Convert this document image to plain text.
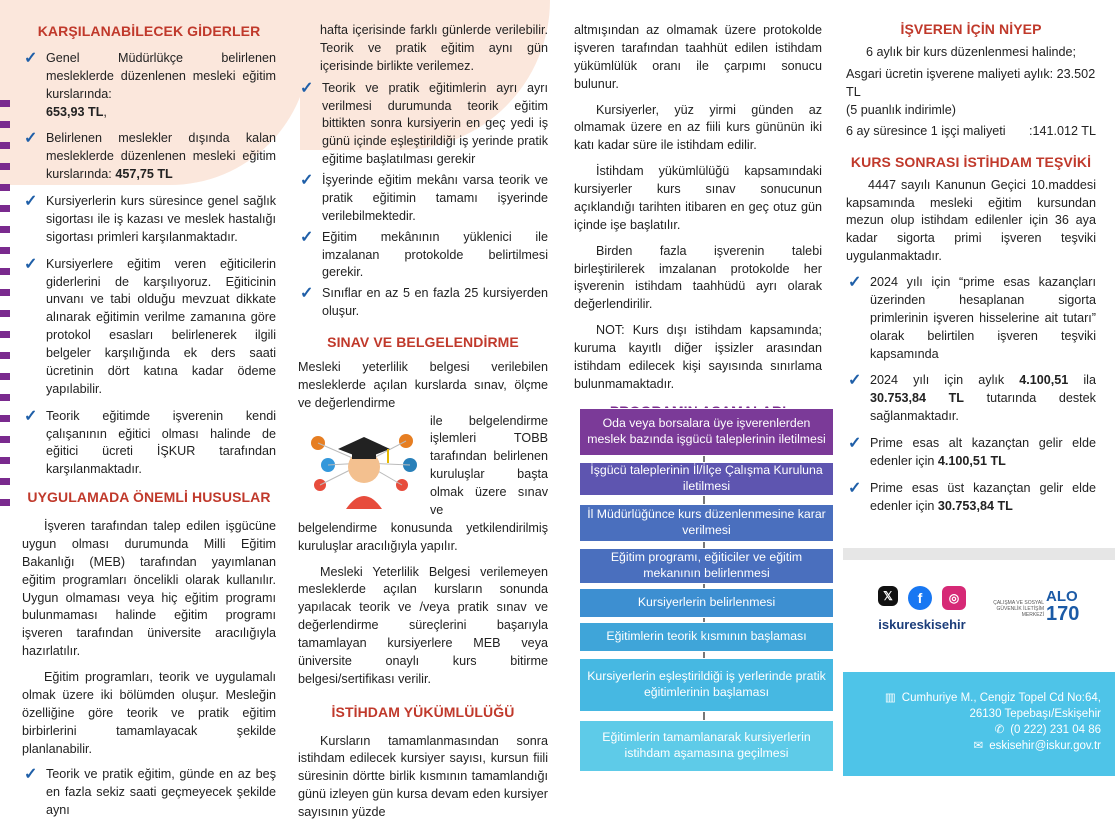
KARŞILANABİLECEK GİDERLER
✓ Genel Müdürlükçe belirlenen mesleklerde düzenlenen mesleki eğitim kurslarında:
653,93 TL,
✓ Belirlenen meslekler dışında kalan mesleklerde düzenlenen mesleki eğitim kurslarında: 457,75 TL
✓ Kursiyerlerin kurs süresince genel sağlık sigortası ile iş kazası ve meslek hastalığı sigortası primleri karşılanmaktadır.
✓ Kursiyerlere eğitim veren eğiticilerin giderlerini de karşılıyoruz. Eğiticinin unvanı ve tabi olduğu mevzuat dikkate alınarak eğitimin verilme zamanına göre protokol esasları belirlenerek ilgili belgeler karşılığında ek ders saati ücretinin dört katına kadar ödeme yapılabilir.
✓ Teorik eğitimde işverenin kendi çalışanının eğitici olması halinde de eğitici ücreti İŞKUR tarafından karşılanmaktadır.
UYGULAMADA ÖNEMLİ HUSUSLAR

İşveren tarafından talep edilen işgücüne uygun olması durumunda Milli Eğitim Bakanlığı (MEB) tarafından yayımlanan eğitim programları öncelikli olarak kullanılır. Uygun olmaması veya hiç eğitim programı bulunmaması halinde eğitim programı işveren tarafından üniversite aracılığıyla hazırlatılır.

Eğitim programları, teorik ve uygulamalı olmak üzere iki bölümden oluşur. Mesleğin özelliğine göre teorik ve pratik eğitim birbirlerini tamamlayacak şekilde planlanabilir.

✓ Teorik ve pratik eğitim, günde en az beş en fazla sekiz saati geçmeyecek şekilde aynı

hafta içerisinde farklı günlerde verilebilir. Teorik ve pratik eğitim aynı gün içerisinde birlikte verilemez.

✓ Teorik ve pratik eğitimlerin ayrı ayrı verilmesi durumunda teorik eğitim bittikten sonra kursiyerin en geç yedi iş günü içinde eşleştirildiği iş yerinde pratik eğitime başlatılması gerekir
✓ İşyerinde eğitim mekânı varsa teorik ve pratik eğitimin tamamı işyerinde verilebilmektedir.
✓ Eğitim mekânının yüklenici ile imzalanan protokolde belirtilmesi gerekir.
✓ Sınıflar en az 5 en fazla 25 kursiyerden oluşur.
SINAV VE BELGELENDİRME

Mesleki yeterlilik belgesi verilebilen mesleklerde açılan kurslarda sınav, ölçme ve değerlendirme

ile belgelendirme işlemleri TOBB tarafından belirlenen kuruluşlar başta olmak üzere sınav ve

belgelendirme konusunda yetkilendirilmiş kuruluşlar aracılığıyla yapılır.

Mesleki Yeterlilik Belgesi verilemeyen mesleklerde açılan kursların sonunda yapılacak teorik ve /veya pratik sınav ve değerlendirme süreçlerini başarıyla tamamlayan kursiyerlere MEB veya üniversite onaylı kurs bitirme belgesi/sertifikası verilir.

İSTİHDAM YÜKÜMLÜLÜĞÜ

Kursların tamamlanmasından sonra istihdam edilecek kursiyer sayısı, kursun fiili süresinin dörtte birlik kısmının tamamlandığı günü izleyen gün kursa devam eden kursiyer sayısının yüzde

altmışından az olmamak üzere protokolde işveren tarafından taahhüt edilen istihdam yükümlülük oranı ile çarpımı sonucu bulunur.

Kursiyerler, yüz yirmi günden az olmamak üzere en az fiili kurs gününün iki katı kadar süre ile istihdam edilir.

İstihdam yükümlülüğü kapsamındaki kursiyerler kurs sınav sonucunun açıklandığı tarihten itibaren en geç otuz gün içinde işe başlatılır.

Birden fazla işverenin talebi birleştirilerek imzalanan protokolde her işverenin istihdam taahhüdü ayrı olarak değerlendirilir.

NOT: Kurs dışı istihdam kapsamında; kuruma kayıtlı diğer işsizler arasından istihdam edilecek kişi sayısında sınırlama bulunmamaktadır.

Oda veya borsalara üye işverenlerden meslek bazında işgücü taleplerinin iletilmesi
İşgücü taleplerinin İl/İlçe Çalışma Kuruluna iletilmesi
İl Müdürlüğünce kurs düzenlenmesine karar verilmesi
Eğitim programı, eğiticiler ve eğitim mekanının belirlenmesi
Kursiyerlerin belirlenmesi
Eğitimlerin teorik kısmının başlaması
Kursiyerlerin eşleştirildiği iş yerlerinde pratik eğitimlerinin başlaması
Eğitimlerin tamamlanarak kursiyerlerin istihdam aşamasına geçilmesi
İŞVEREN İÇİN NİYEP
6 aylık bir kurs düzenlenmesi halinde;
Asgari ücretin işverene maliyeti aylık: 23.502 TL
(5 puanlık indirimle)
6 ay süresince 1 işçi maliyeti :141.012 TL
KURS SONRASI İSTİHDAM TEŞVİKİ

4447 sayılı Kanunun Geçici 10.maddesi kapsamında mesleki eğitim kursundan mezun olup istihdam edilenler için 36 aya kadar sigorta primi işveren teşviki uygulanmaktadır.

✓ 2024 yılı için “prime esas kazançları üzerinden hesaplanan sigorta primlerinin işveren hisselerine ait tutarı” olarak belirtilen işveren teşviki kapsamında
✓ 2024 yılı için aylık 4.100,51 ila 30.753,84 TL tutarında destek sağlanmaktadır.
✓ Prime esas alt kazançtan gelir elde edenler için 4.100,51 TL
✓ Prime esas üst kazançtan gelir elde edenler için 30.753,84 TL
𝕏	f	◎
iskureskisehir
ÇALIŞMA VE SOSYAL GÜVENLİK İLETİŞİM MERKEZİ
ALO
170
▥ Cumhuriye M., Cengiz Topel Cd No:64,
26130 Tepebaşı/Eskişehir
✆ (0 222) 231 04 86
✉ eskisehir@iskur.gov.tr
